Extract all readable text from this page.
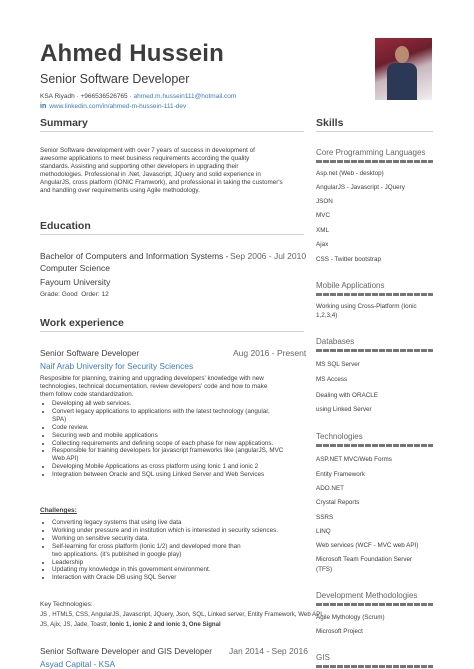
Ahmed Hussein
Senior Software Developer
KSA Riyadh · +966536526765 · ahmed.m.hussein111@hotmail.com
in www.linkedin.com/in/ahmed-m-hussein-111-dev
Summary
Senior Software development with over 7 years of success in development of
awesome applications to meet business requirements according the quality
standards. Assisting and supporting other developers in upgrading their
methodologies. Professional in .Net, Javascript, JQuery and solid experience in
AngularJS, cross platform (IONIC Framwork), and professional in taking the customer's
and handling over requirements using Agile methodology.
Education
Bachelor of Computers and Information Systems - Sep 2006 - Jul 2010
Computer Science
Fayoum University
Grade: Good Order: 12
Work experience
Senior Software Developer	Aug 2016 - Present
Naif Arab University for Security Sciences
Resposible for planning, training and upgrading developers' knowledge with new
technologies, technical documentation. review developers' code and how to make
them follow code standardization.
• Developing all web services.
• Convert legacy applications to applications with the latest technology (angular,
SPA)
• Code review.
• Securing web and mobile applications
• Collecting requirements and defining scope of each phase for new applications.
• Responsible for training developers for javascript frameworks like (angularJS, MVC
Web API)
• Developing Mobile Applications as cross platform using Ionic 1 and ionic 2
• Integration between Oracle and SQL using Linked Server and Web Services
Challenges:
• Converting legacy systems that using live data
• Working under pressure and in institution which is interested in security sciences.
• Working on sensitive security data.
• Self-learning for cross platform (Ionic 1/2) and developed more than
two applications. (it's published in google play)
• Leadership
• Updating my knowledge in this government environment.
• Interaction with Oracle DB using SQL Server
Key Technologies:
JS , HTML5, CSS, AngularJS, Javascript, JQuery, Json, SQL, Linked server, Entity Framework, Web API,
JS, Ajix, JS, Jade, Toastr, Ionic 1, ionic 2 and ionic 3, One Signal
Senior Software Developer and GIS Developer Jan 2014 - Sep 2016
Asyad Capital - KSA
Skills
Core Programming Languages
Asp.net (Web - desktop)
AngularJS - Javascript - JQuery
JSON
MVC
XML
Ajax
CSS - Twitter bootstrap
Mobile Applications
Working using Cross-Platform (Ionic
1,2,3,4)
Databases
MS SQL Server
MS Access
Dealing with ORACLE
using Linked Server
Technologies
ASP.NET MVC/Web Forms
Entity Framework
ADO.NET
Crystal Reports
SSRS
LINQ
Web services (WCF - MVC web API)
Microsoft Team Foundation Server
(TFS)
Development Methodologies
Agile Mythology (Scrum)
Microsoft Project
GIS
